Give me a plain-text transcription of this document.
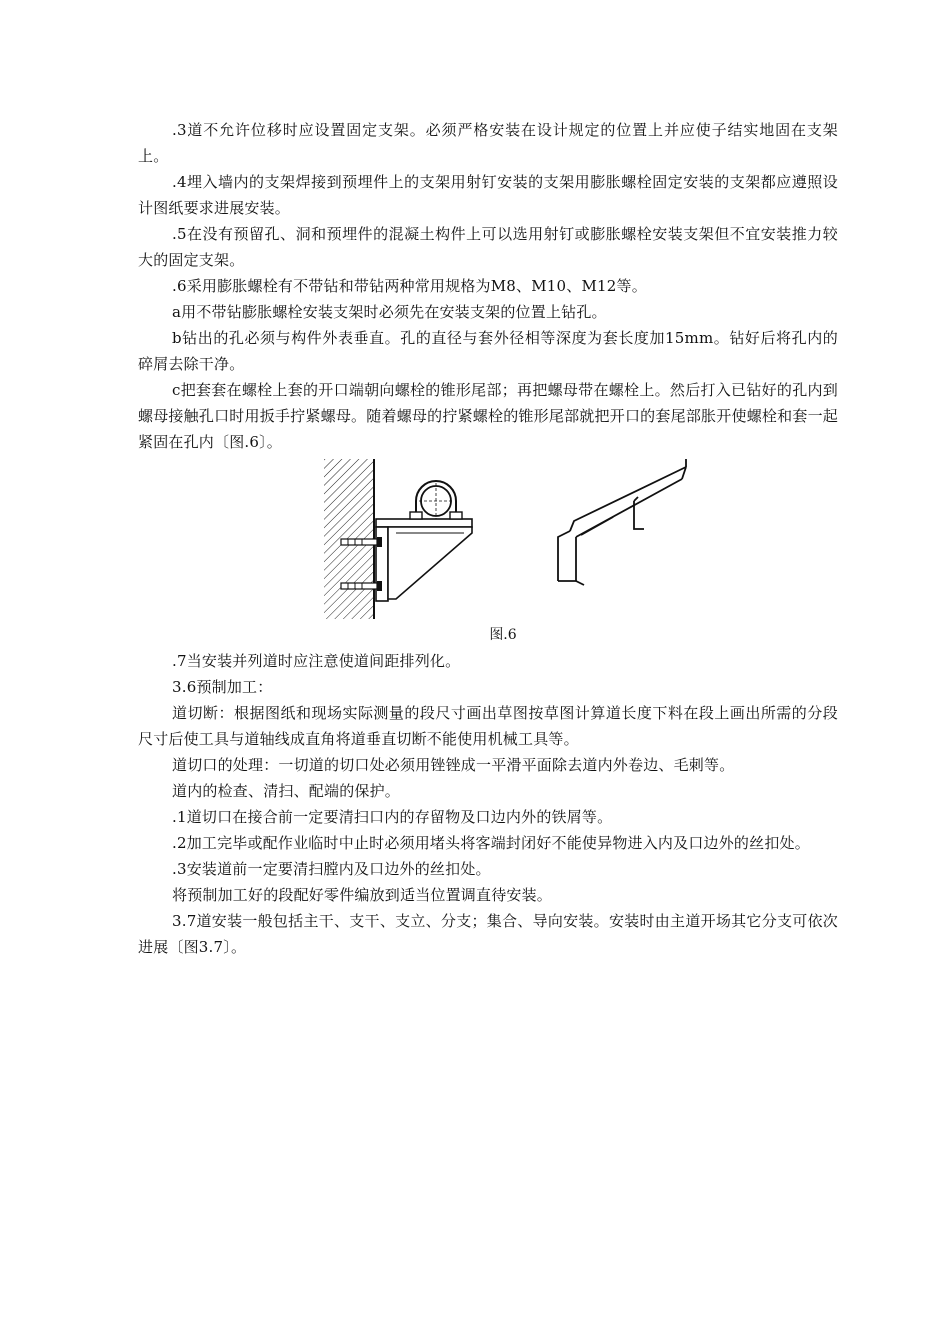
.3道不允许位移时应设置固定支架。必须严格安装在设计规定的位置上并应使子结实地固在支架上。

.4埋入墙内的支架焊接到预埋件上的支架用射钉安装的支架用膨胀螺栓固定安装的支架都应遵照设计图纸要求进展安装。

.5在没有预留孔、洞和预埋件的混凝土构件上可以选用射钉或膨胀螺栓安装支架但不宜安装推力较大的固定支架。

.6采用膨胀螺栓有不带钻和带钻两种常用规格为M8、M10、M12等。

a用不带钻膨胀螺栓安装支架时必须先在安装支架的位置上钻孔。

b钻出的孔必须与构件外表垂直。孔的直径与套外径相等深度为套长度加15mm。钻好后将孔内的碎屑去除干净。

c把套套在螺栓上套的开口端朝向螺栓的锥形尾部；再把螺母带在螺栓上。然后打入已钻好的孔内到螺母接触孔口时用扳手拧紧螺母。随着螺母的拧紧螺栓的锥形尾部就把开口的套尾部胀开使螺栓和套一起紧固在孔内〔图.6〕。

图.6

.7当安装并列道时应注意使道间距排列化。

3.6预制加工：

道切断：根据图纸和现场实际测量的段尺寸画出草图按草图计算道长度下料在段上画出所需的分段尺寸后使工具与道轴线成直角将道垂直切断不能使用机械工具等。

道切口的处理：一切道的切口处必须用锉锉成一平滑平面除去道内外卷边、毛刺等。

道内的检查、清扫、配端的保护。

.1道切口在接合前一定要清扫口内的存留物及口边内外的铁屑等。

.2加工完毕或配作业临时中止时必须用堵头将客端封闭好不能使异物进入内及口边外的丝扣处。

.3安装道前一定要清扫膛内及口边外的丝扣处。

将预制加工好的段配好零件编放到适当位置调直待安装。

3.7道安装一般包括主干、支干、支立、分支；集合、导向安装。安装时由主道开场其它分支可依次进展〔图3.7〕。
